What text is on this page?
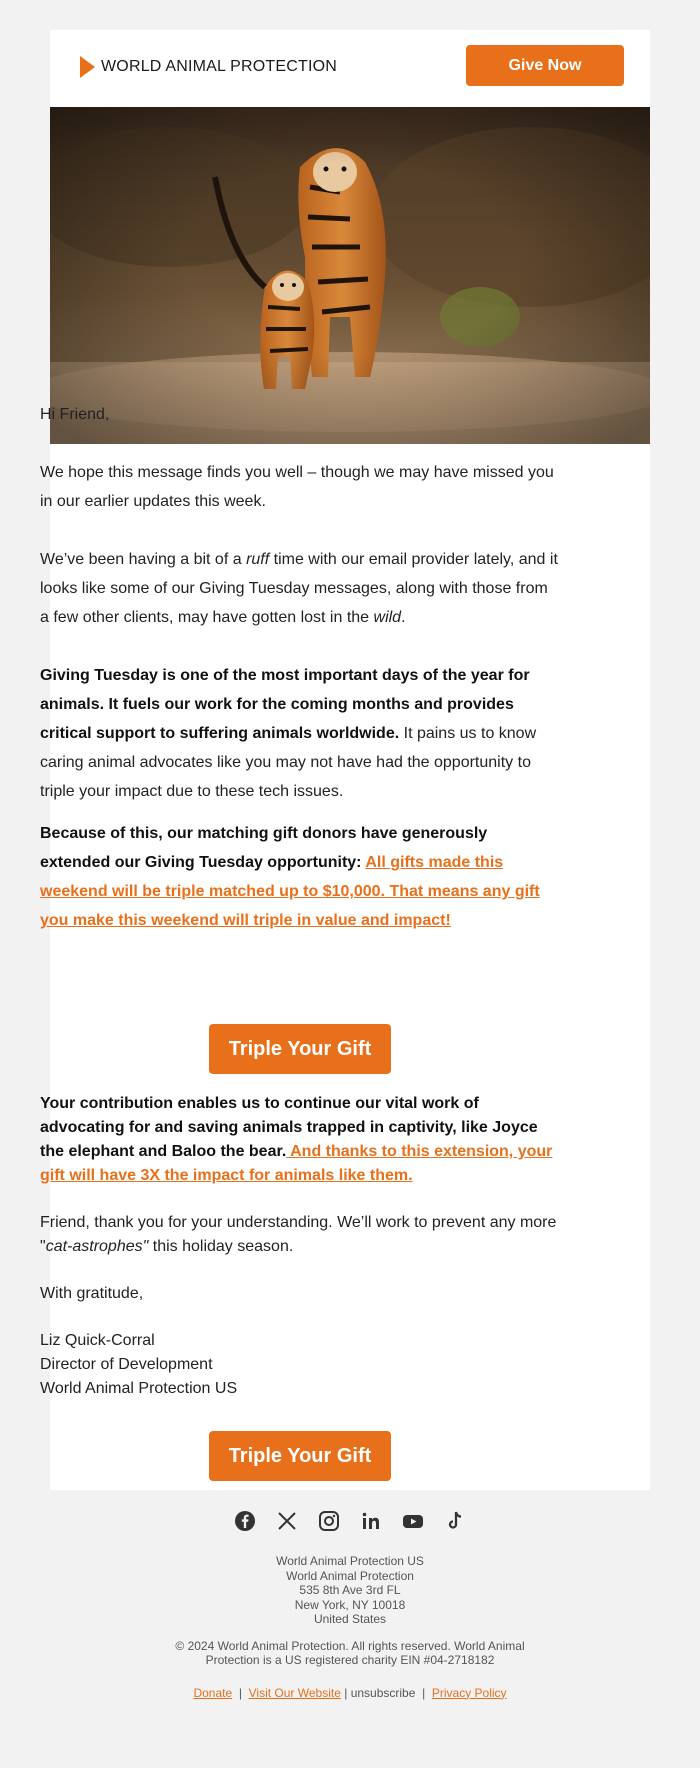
WORLD ANIMAL PROTECTION	Give Now

Hi Friend,

We hope this message finds you well – though we may have missed you in our earlier updates this week.

We’ve been having a bit of a ruff time with our email provider lately, and it looks like some of our Giving Tuesday messages, along with those from a few other clients, may have gotten lost in the wild.

Giving Tuesday is one of the most important days of the year for animals. It fuels our work for the coming months and provides critical support to suffering animals worldwide. It pains us to know caring animal advocates like you may not have had the opportunity to triple your impact due to these tech issues.

Because of this, our matching gift donors have generously extended our Giving Tuesday opportunity: All gifts made this weekend will be triple matched up to $10,000. That means any gift you make this weekend will triple in value and impact!

Triple Your Gift

Your contribution enables us to continue our vital work of advocating for and saving animals trapped in captivity, like Joyce the elephant and Baloo the bear. And thanks to this extension, your gift will have 3X the impact for animals like them.

Friend, thank you for your understanding. We’ll work to prevent any more "cat-astrophes" this holiday season.

With gratitude,

Liz Quick-Corral
Director of Development
World Animal Protection US

Triple Your Gift
World Animal Protection US
World Animal Protection
535 8th Ave 3rd FL
New York, NY 10018
United States
© 2024 World Animal Protection. All rights reserved. World Animal Protection is a US registered charity EIN #04-2718182
Donate | Visit Our Website | unsubscribe | Privacy Policy
